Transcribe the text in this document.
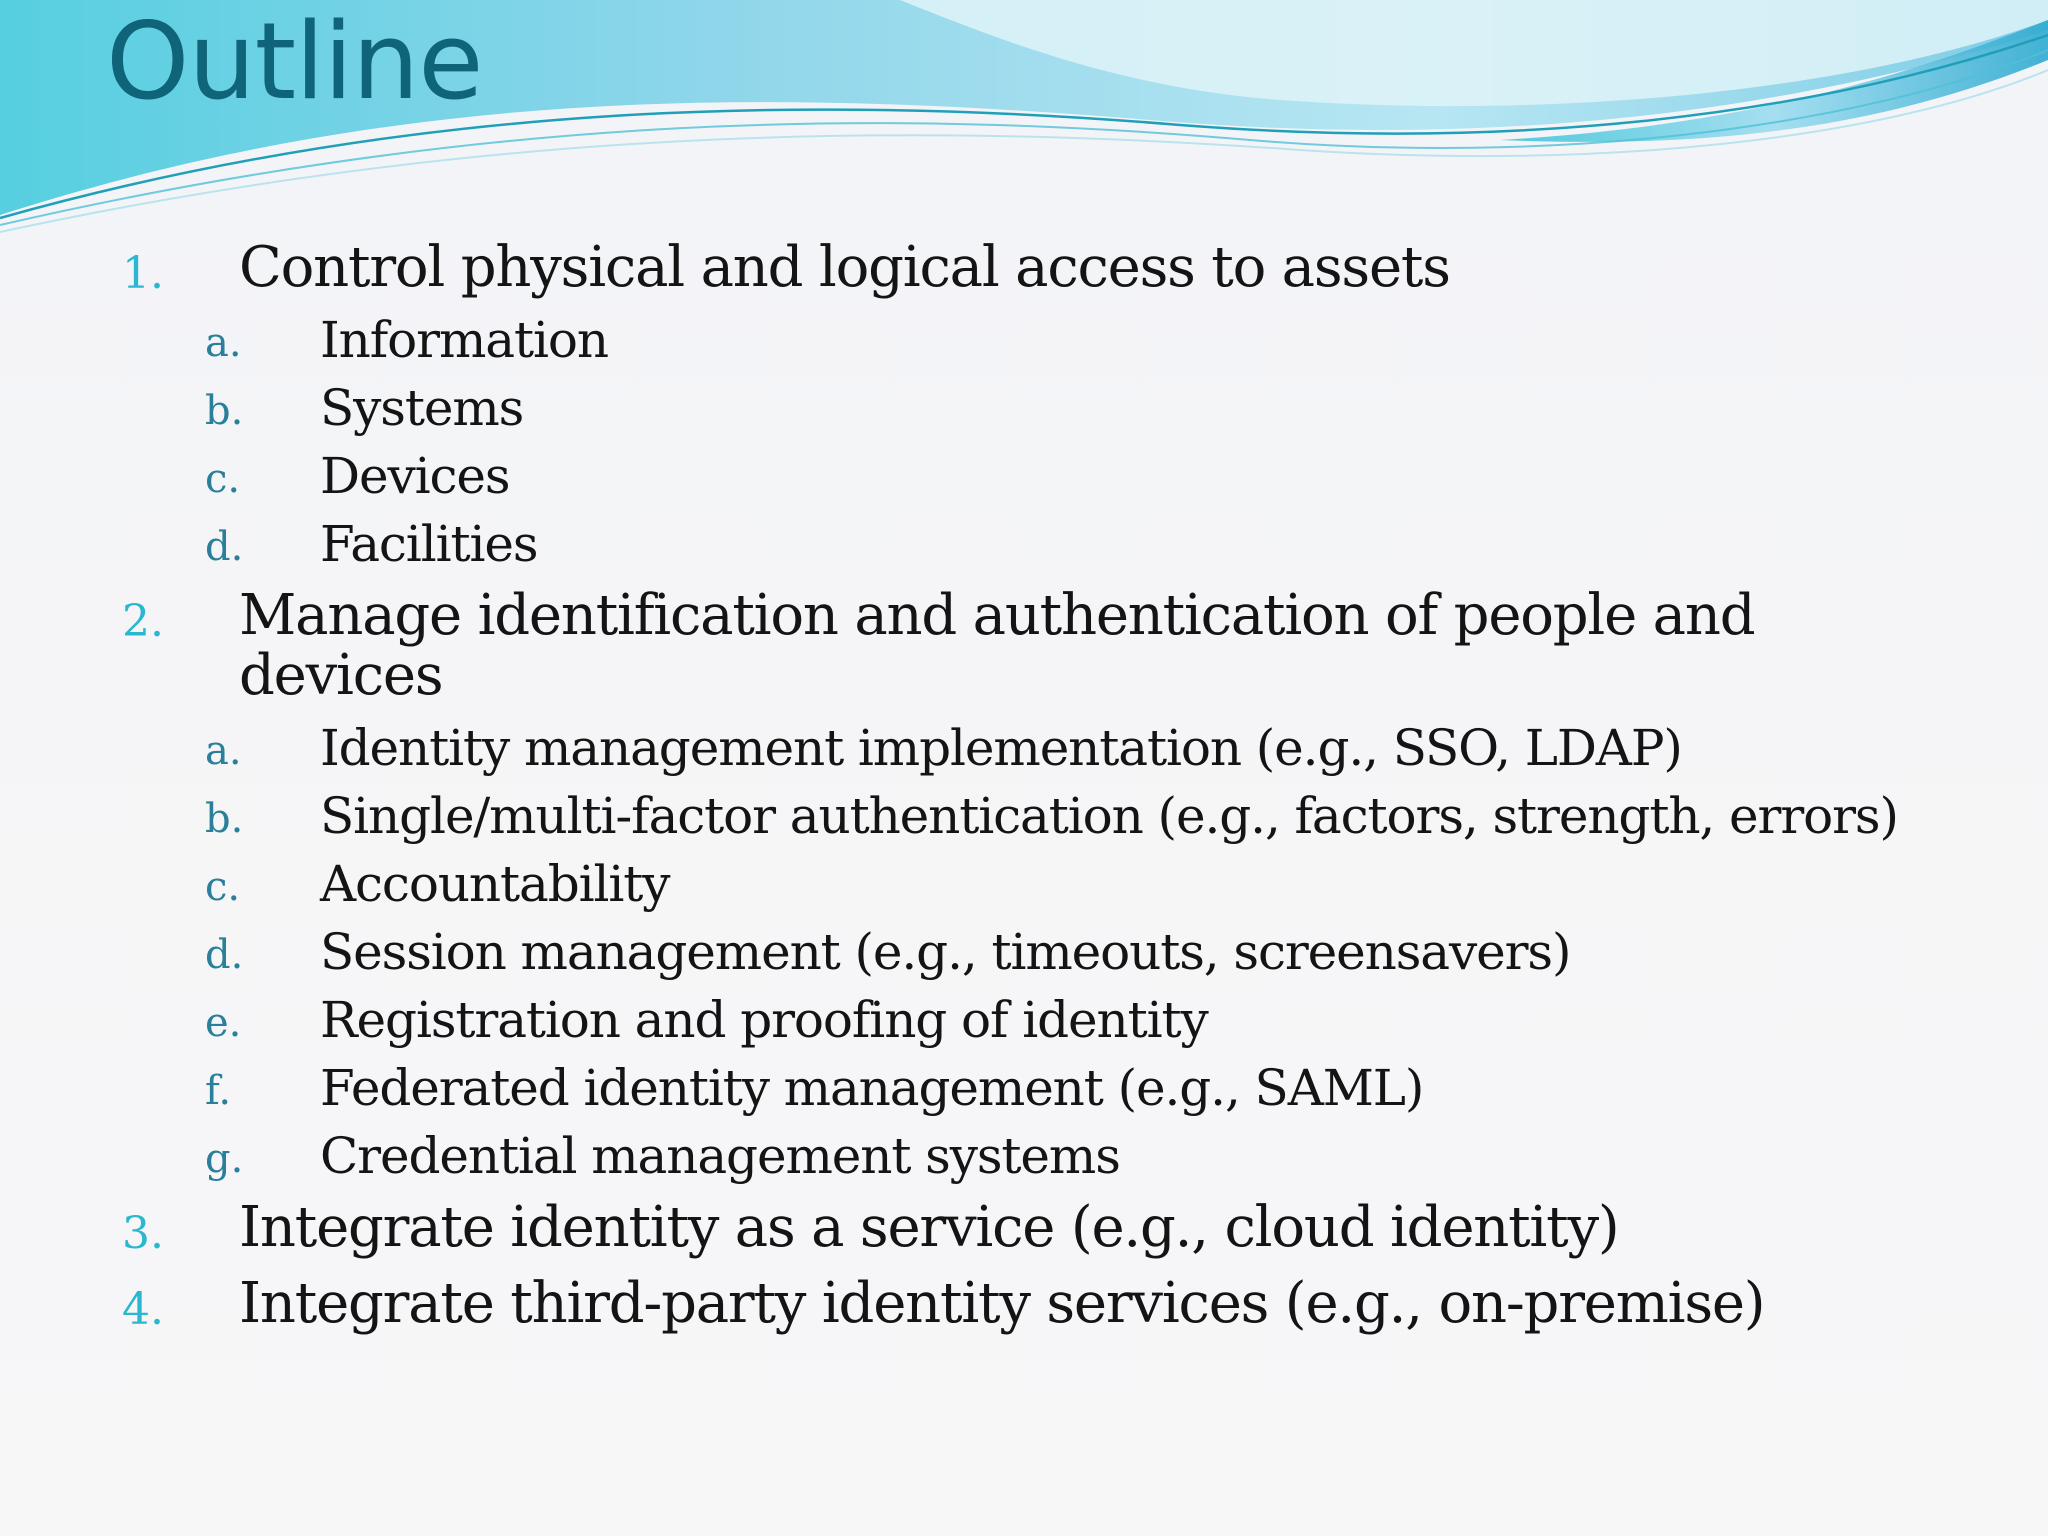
Outline
1. Control physical and logical access to assets
a. Information
b. Systems
c. Devices
d. Facilities
2. Manage identification and authentication of people and devices
a. Identity management implementation (e.g., SSO, LDAP)
b. Single/multi-factor authentication (e.g., factors, strength, errors)
c. Accountability
d. Session management (e.g., timeouts, screensavers)
e. Registration and proofing of identity
f. Federated identity management (e.g., SAML)
g. Credential management systems
3. Integrate identity as a service (e.g., cloud identity)
4. Integrate third-party identity services (e.g., on-premise)
